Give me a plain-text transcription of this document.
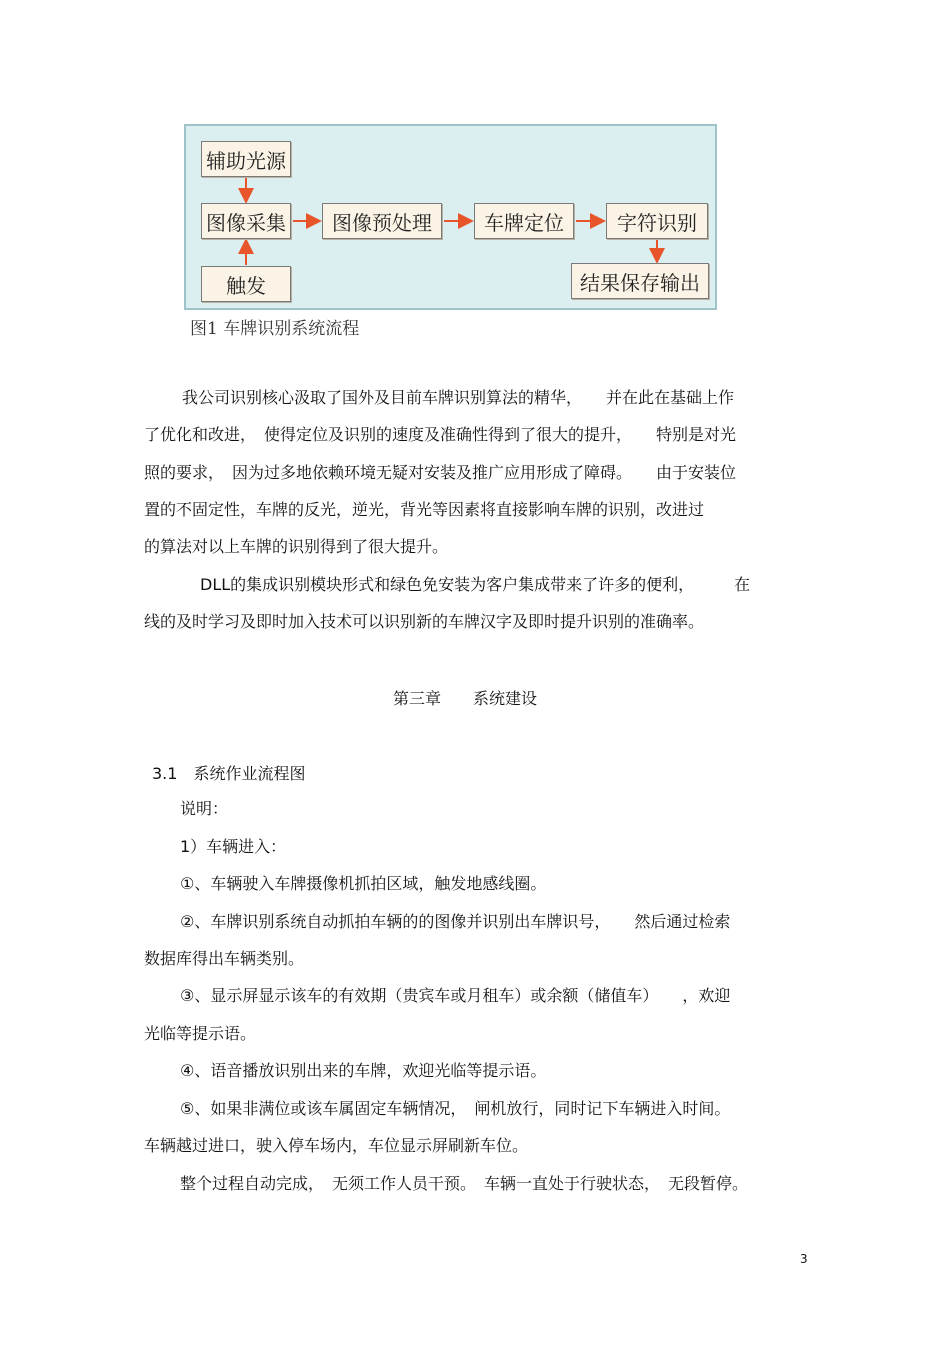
辅助光源
图像采集
触发
图像预处理	车牌定位	字符识别
结果保存输出
图1 车牌识别系统流程
我公司识别核心汲取了国外及目前车牌识别算法的精华，　　并在此在基础上作
了优化和改进，　使得定位及识别的速度及准确性得到了很大的提升，　　特别是对光
照的要求，　因为过多地依赖环境无疑对安装及推广应用形成了障碍。　　由于安装位
置的不固定性，车牌的反光，逆光，背光等因素将直接影响车牌的识别，改进过
的算法对以上车牌的识别得到了很大提升。
DLL的集成识别模块形式和绿色免安装为客户集成带来了许多的便利，　　　在
线的及时学习及即时加入技术可以识别新的车牌汉字及即时提升识别的准确率。
第三章　　系统建设
3.1　系统作业流程图
说明：
1）车辆进入：
①、车辆驶入车牌摄像机抓拍区域，触发地感线圈。
②、车牌识别系统自动抓拍车辆的的图像并识别出车牌识号，　　然后通过检索
数据库得出车辆类别。
③、显示屏显示该车的有效期（贵宾车或月租车）或余额（储值车）　　，欢迎
光临等提示语。
④、语音播放识别出来的车牌，欢迎光临等提示语。
⑤、如果非满位或该车属固定车辆情况，　闸机放行，同时记下车辆进入时间。
车辆越过进口，驶入停车场内，车位显示屏刷新车位。
整个过程自动完成，　无须工作人员干预。　车辆一直处于行驶状态，　无段暂停。
3
